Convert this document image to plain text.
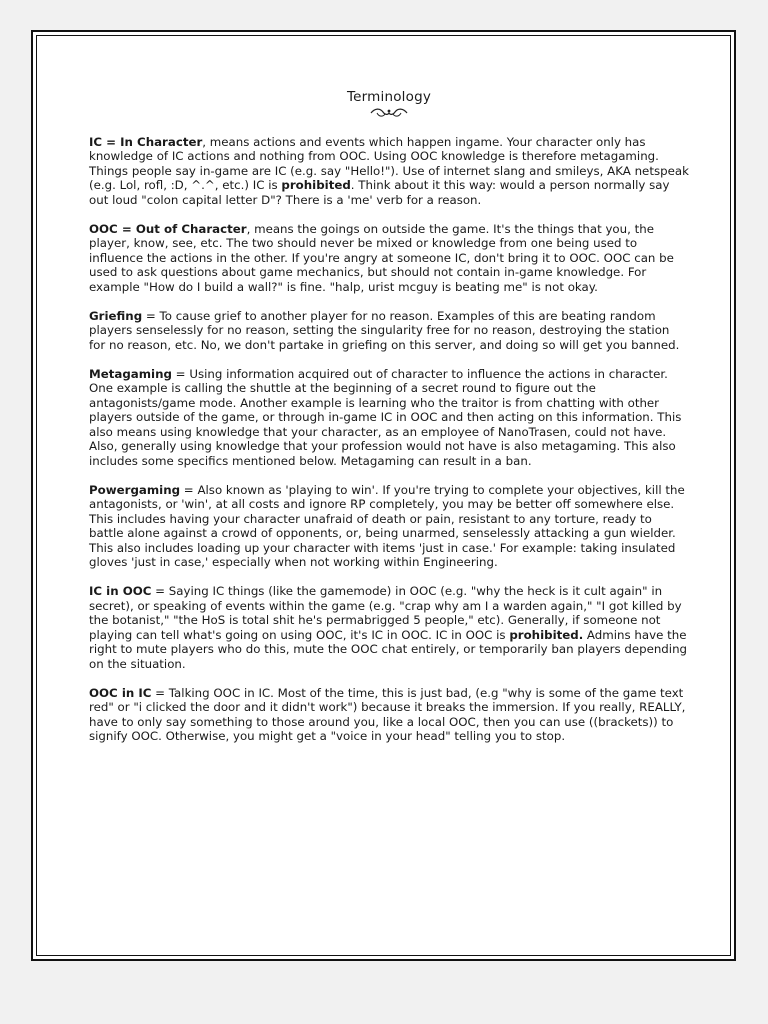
Terminology

IC = In Character, means actions and events which happen ingame. Your character only has knowledge of IC actions and nothing from OOC. Using OOC knowledge is therefore metagaming. Things people say in-game are IC (e.g. say "Hello!"). Use of internet slang and smileys, AKA netspeak (e.g. Lol, rofl, :D, ^.^, etc.) IC is prohibited. Think about it this way: would a person normally say out loud "colon capital letter D"? There is a 'me' verb for a reason.

OOC = Out of Character, means the goings on outside the game. It's the things that you, the player, know, see, etc. The two should never be mixed or knowledge from one being used to influence the actions in the other. If you're angry at someone IC, don't bring it to OOC. OOC can be used to ask questions about game mechanics, but should not contain in-game knowledge. For example "How do I build a wall?" is fine. "halp, urist mcguy is beating me" is not okay.

Griefing = To cause grief to another player for no reason. Examples of this are beating random players senselessly for no reason, setting the singularity free for no reason, destroying the station for no reason, etc. No, we don't partake in griefing on this server, and doing so will get you banned.

Metagaming = Using information acquired out of character to influence the actions in character. One example is calling the shuttle at the beginning of a secret round to figure out the antagonists/game mode. Another example is learning who the traitor is from chatting with other players outside of the game, or through in-game IC in OOC and then acting on this information. This also means using knowledge that your character, as an employee of NanoTrasen, could not have. Also, generally using knowledge that your profession would not have is also metagaming. This also includes some specifics mentioned below. Metagaming can result in a ban.

Powergaming = Also known as 'playing to win'. If you're trying to complete your objectives, kill the antagonists, or 'win', at all costs and ignore RP completely, you may be better off somewhere else. This includes having your character unafraid of death or pain, resistant to any torture, ready to battle alone against a crowd of opponents, or, being unarmed, senselessly attacking a gun wielder. This also includes loading up your character with items 'just in case.' For example: taking insulated gloves 'just in case,' especially when not working within Engineering.

IC in OOC = Saying IC things (like the gamemode) in OOC (e.g. "why the heck is it cult again" in secret), or speaking of events within the game (e.g. "crap why am I a warden again," "I got killed by the botanist," "the HoS is total shit he's permabrigged 5 people," etc). Generally, if someone not playing can tell what's going on using OOC, it's IC in OOC. IC in OOC is prohibited. Admins have the right to mute players who do this, mute the OOC chat entirely, or temporarily ban players depending on the situation.

OOC in IC = Talking OOC in IC. Most of the time, this is just bad, (e.g "why is some of the game text red" or "i clicked the door and it didn't work") because it breaks the immersion. If you really, REALLY, have to only say something to those around you, like a local OOC, then you can use ((brackets)) to signify OOC. Otherwise, you might get a "voice in your head" telling you to stop.
